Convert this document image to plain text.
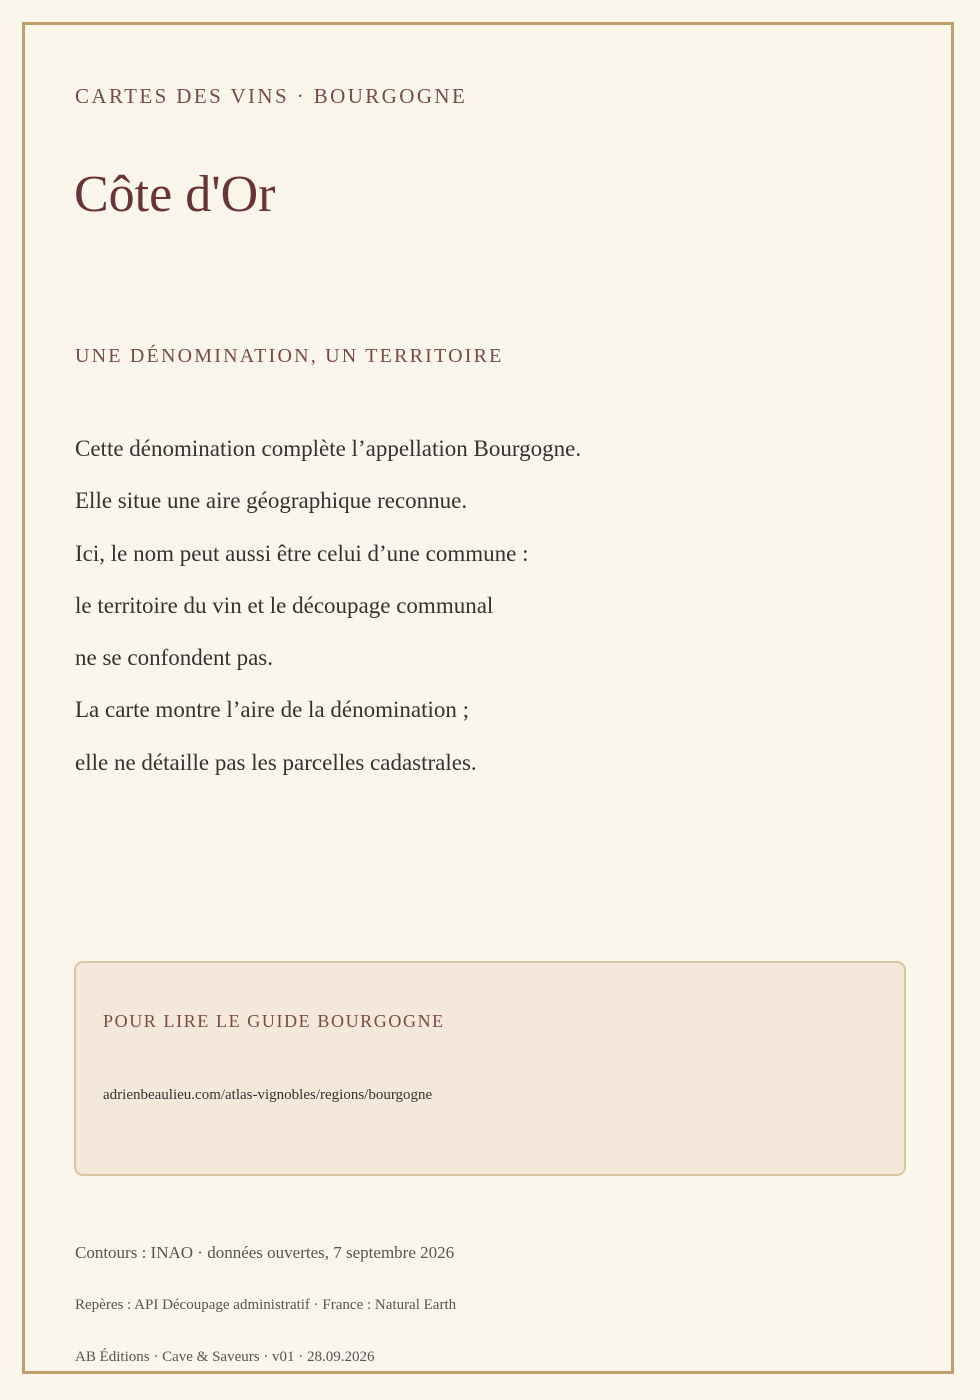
CARTES DES VINS · BOURGOGNE
Côte d'Or
UNE DÉNOMINATION, UN TERRITOIRE
Cette dénomination complète l’appellation Bourgogne.
Elle situe une aire géographique reconnue.
Ici, le nom peut aussi être celui d’une commune :
le territoire du vin et le découpage communal
ne se confondent pas.
La carte montre l’aire de la dénomination ;
elle ne détaille pas les parcelles cadastrales.
POUR LIRE LE GUIDE BOURGOGNE
adrienbeaulieu.com/atlas-vignobles/regions/bourgogne
Contours : INAO · données ouvertes, 7 septembre 2026
Repères : API Découpage administratif · France : Natural Earth
AB Éditions · Cave & Saveurs · v01 · 28.09.2026
